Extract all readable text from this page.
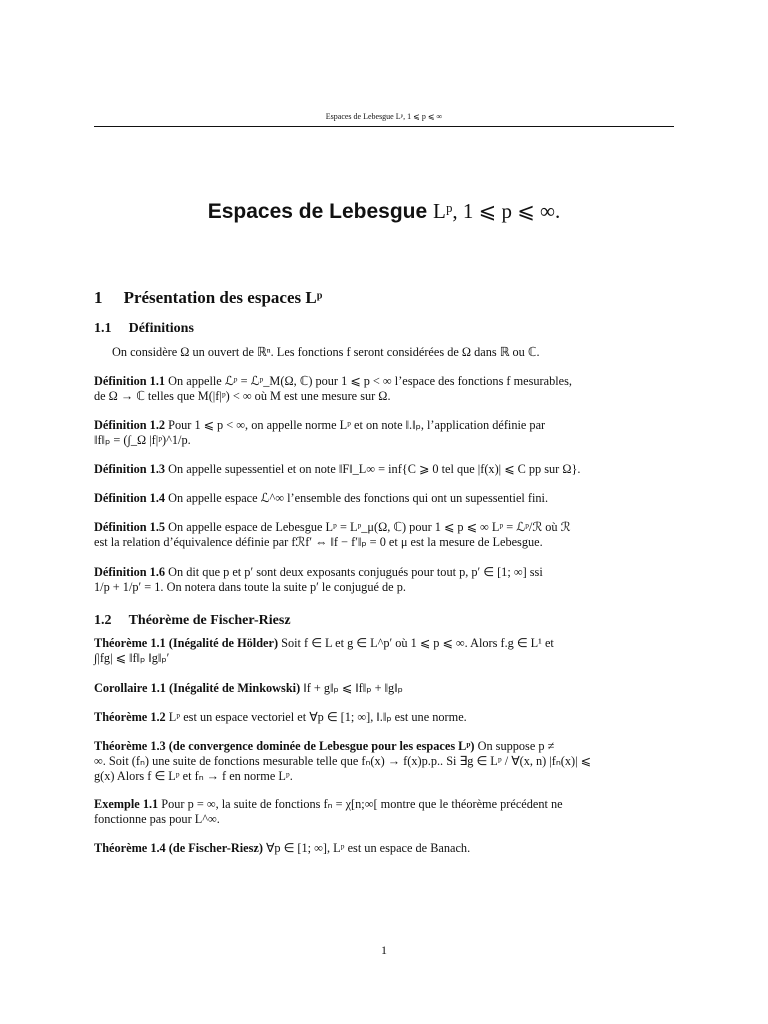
Espaces de Lebesgue Lᵖ, 1 ⩽ p ⩽ ∞
Espaces de Lebesgue Lᵖ, 1 ⩽ p ⩽ ∞.
1 Présentation des espaces Lᵖ
1.1 Définitions
On considère Ω un ouvert de ℝⁿ. Les fonctions f seront considérées de Ω dans ℝ ou ℂ.
Définition 1.1 On appelle ℒᵖ = ℒᵖ_M(Ω, ℂ) pour 1 ⩽ p < ∞ l’espace des fonctions f mesurables,
de Ω → ℂ telles que M(|f|ᵖ) < ∞ où M est une mesure sur Ω.
Définition 1.2 Pour 1 ⩽ p < ∞, on appelle norme Lᵖ et on note ‖.‖ₚ, l’application définie par
‖f‖ₚ = (∫_Ω |f|ᵖ)^1/p.
Définition 1.3 On appelle supessentiel et on note ‖F‖_L∞ = inf{C ⩾ 0 tel que |f(x)| ⩽ C pp sur Ω}.
Définition 1.4 On appelle espace ℒ^∞ l’ensemble des fonctions qui ont un supessentiel fini.
Définition 1.5 On appelle espace de Lebesgue Lᵖ = Lᵖ_μ(Ω, ℂ) pour 1 ⩽ p ⩽ ∞ Lᵖ = ℒᵖ/ℛ où ℛ
est la relation d’équivalence définie par fℛf′ ⇔ ‖f − f′‖ₚ = 0 et μ est la mesure de Lebesgue.
Définition 1.6 On dit que p et p′ sont deux exposants conjugués pour tout p, p′ ∈ [1; ∞] ssi
1/p + 1/p′ = 1. On notera dans toute la suite p′ le conjugué de p.
1.2 Théorème de Fischer-Riesz
Théorème 1.1 (Inégalité de Hölder) Soit f ∈ L et g ∈ L^p′ où 1 ⩽ p ⩽ ∞. Alors f.g ∈ L¹ et
∫|fg| ⩽ ‖f‖ₚ ‖g‖ₚ′
Corollaire 1.1 (Inégalité de Minkowski) ‖f + g‖ₚ ⩽ ‖f‖ₚ + ‖g‖ₚ
Théorème 1.2 Lᵖ est un espace vectoriel et ∀p ∈ [1; ∞], ‖.‖ₚ est une norme.
Théorème 1.3 (de convergence dominée de Lebesgue pour les espaces Lᵖ) On suppose p ≠
∞. Soit (fₙ) une suite de fonctions mesurable telle que fₙ(x) → f(x)p.p.. Si ∃g ∈ Lᵖ / ∀(x, n) |fₙ(x)| ⩽
g(x) Alors f ∈ Lᵖ et fₙ → f en norme Lᵖ.
Exemple 1.1 Pour p = ∞, la suite de fonctions fₙ = χ[n;∞[ montre que le théorème précédent ne
fonctionne pas pour L^∞.
Théorème 1.4 (de Fischer-Riesz) ∀p ∈ [1; ∞], Lᵖ est un espace de Banach.
1
